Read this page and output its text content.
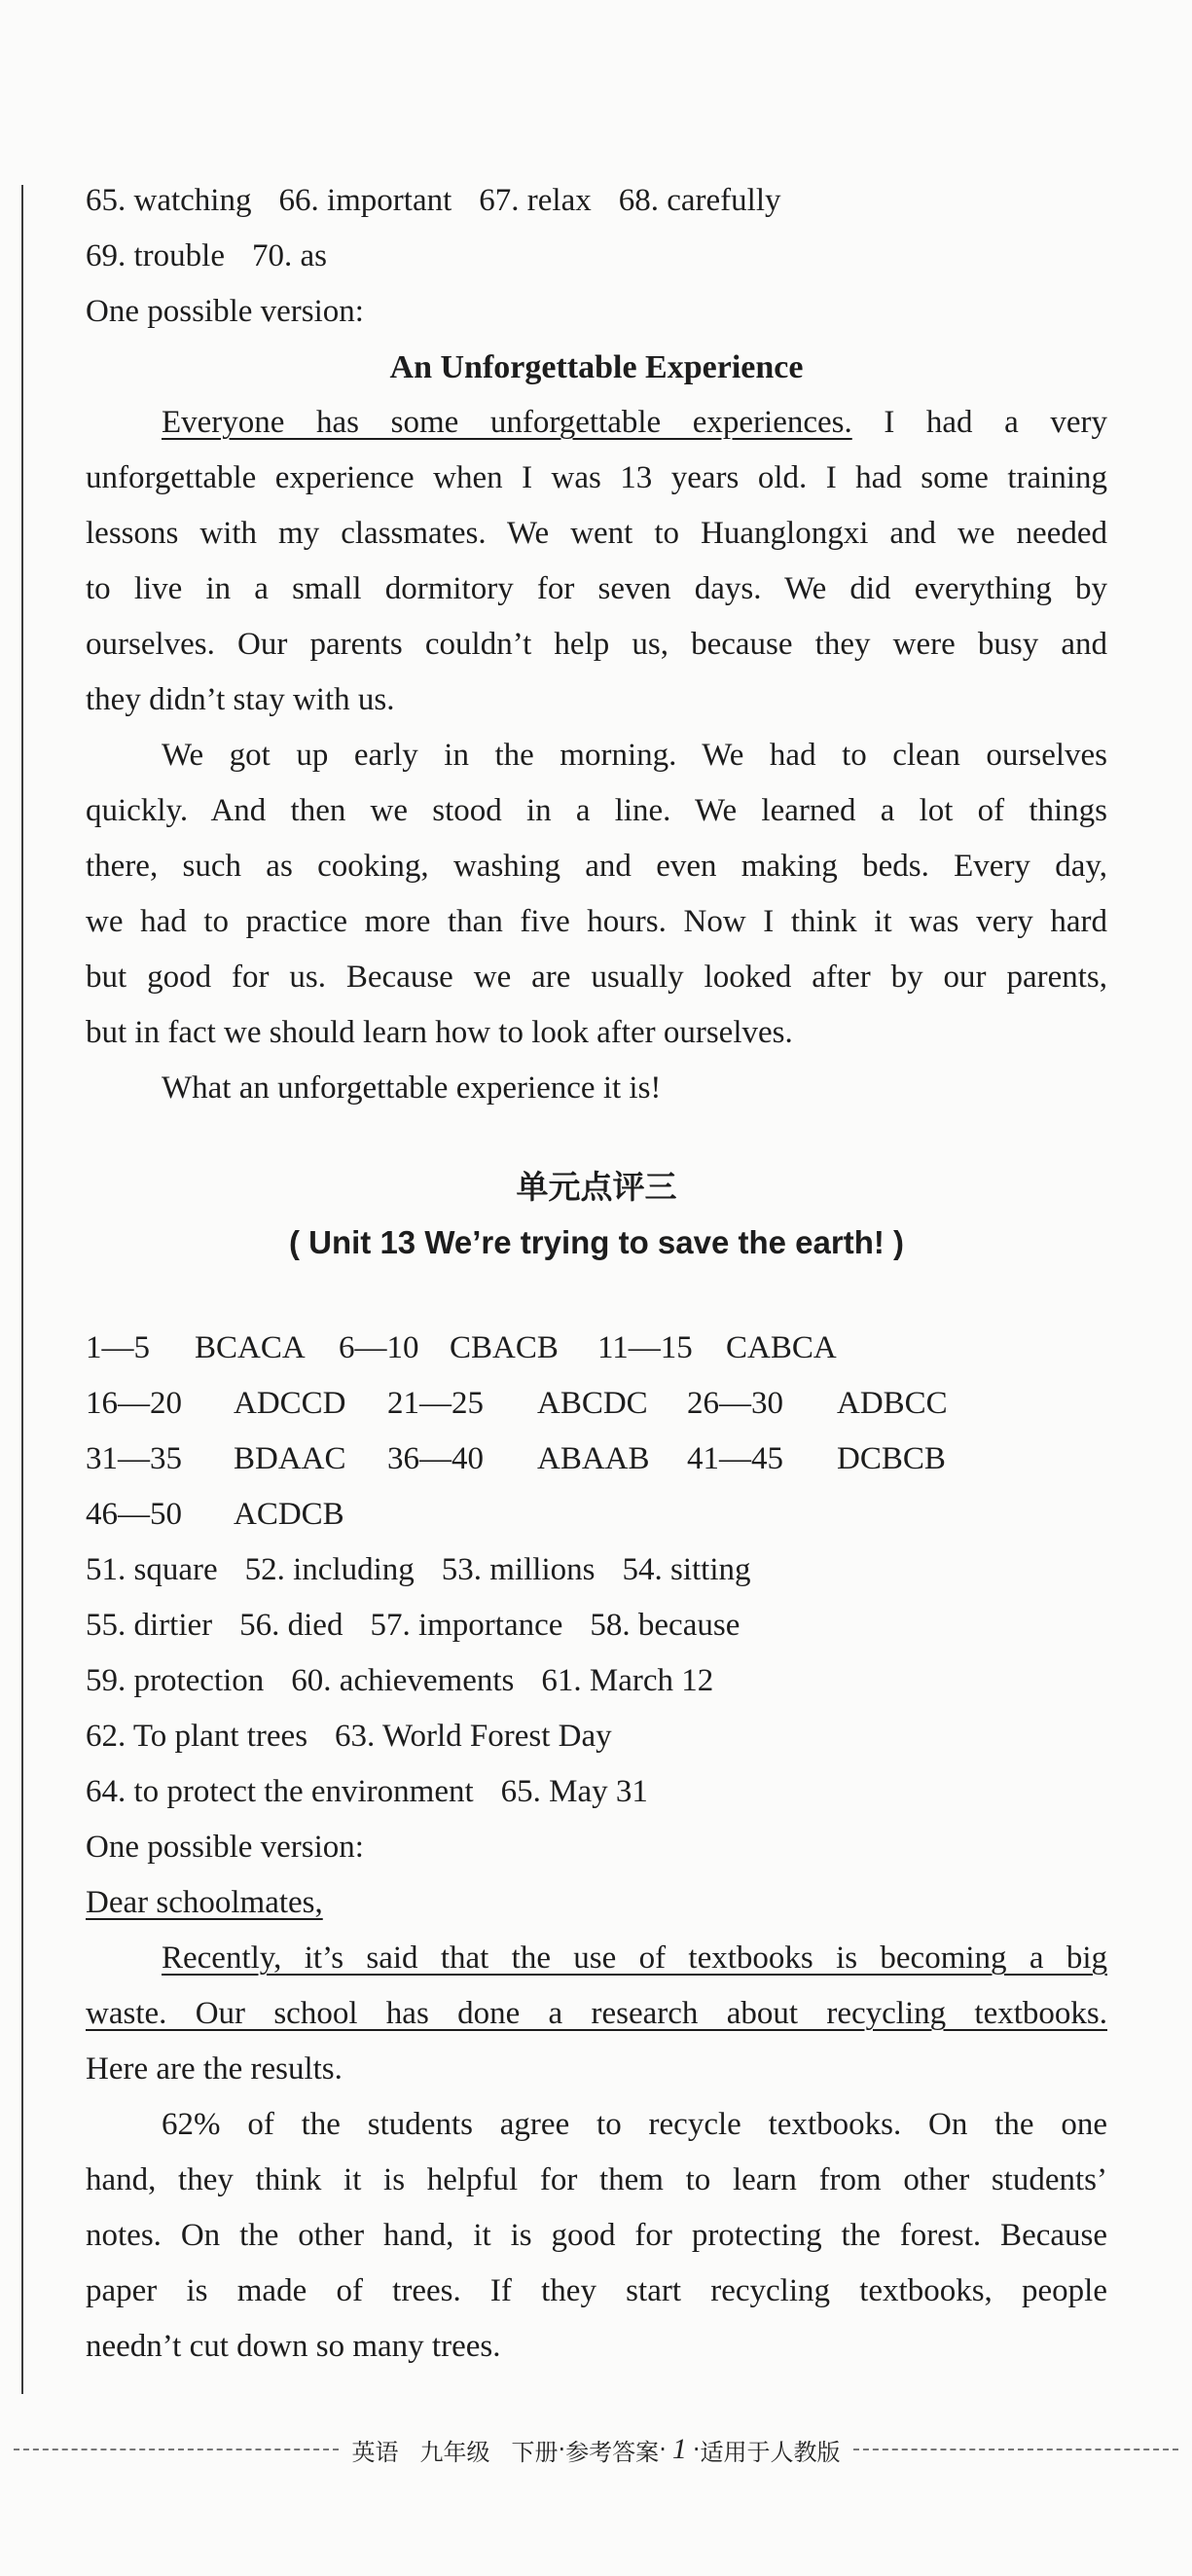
65. watching 66. important 67. relax 68. carefully
69. trouble 70. as
One possible version:
An Unforgettable Experience
Everyone has some unforgettable experiences. I had a very
unforgettable experience when I was 13 years old. I had some training
lessons with my classmates. We went to Huanglongxi and we needed
to live in a small dormitory for seven days. We did everything by
ourselves. Our parents couldn’t help us, because they were busy and
they didn’t stay with us.
We got up early in the morning. We had to clean ourselves
quickly. And then we stood in a line. We learned a lot of things
there, such as cooking, washing and even making beds. Every day,
we had to practice more than five hours. Now I think it was very hard
but good for us. Because we are usually looked after by our parents,
but in fact we should learn how to look after ourselves.
What an unforgettable experience it is!
单元点评三
( Unit 13 We’re trying to save the earth! )
1—5	BCACA	6—10 CBACB	11—15	CABCA
16—20	ADCCD	21—25	ABCDC	26—30	ADBCC
31—35	BDAAC	36—40	ABAAB	41—45	DCBCB
46—50	ACDCB
51. square 52. including 53. millions 54. sitting
55. dirtier 56. died 57. importance 58. because
59. protection 60. achievements 61. March 12
62. To plant trees 63. World Forest Day
64. to protect the environment 65. May 31
One possible version:
Dear schoolmates,
Recently, it’s said that the use of textbooks is becoming a big
waste. Our school has done a research about recycling textbooks.
Here are the results.
62% of the students agree to recycle textbooks. On the one
hand, they think it is helpful for them to learn from other students’
notes. On the other hand, it is good for protecting the forest. Because
paper is made of trees. If they start recycling textbooks, people
needn’t cut down so many trees.
英语 九年级 下册 · 参考答案 · 1 · 适用于人教版
